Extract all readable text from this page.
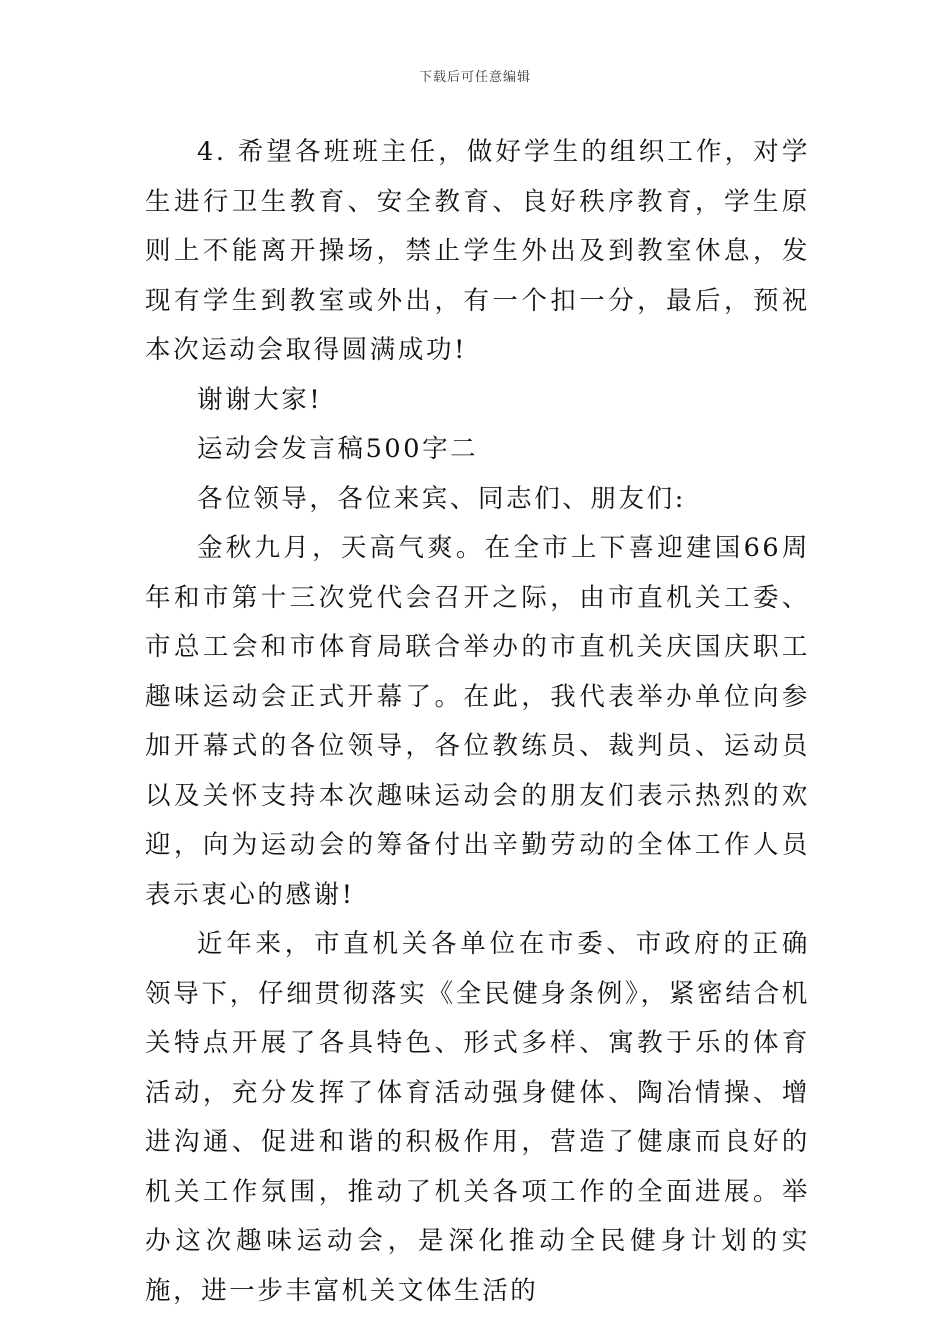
下载后可任意编辑

4. 希望各班班主任，做好学生的组织工作，对学生进行卫生教育、安全教育、良好秩序教育，学生原则上不能离开操场，禁止学生外出及到教室休息，发现有学生到教室或外出，有一个扣一分，最后，预祝本次运动会取得圆满成功!

谢谢大家!

运动会发言稿500字二

各位领导，各位来宾、同志们、朋友们:

金秋九月，天高气爽。在全市上下喜迎建国66周年和市第十三次党代会召开之际，由市直机关工委、市总工会和市体育局联合举办的市直机关庆国庆职工趣味运动会正式开幕了。在此，我代表举办单位向参加开幕式的各位领导，各位教练员、裁判员、运动员以及关怀支持本次趣味运动会的朋友们表示热烈的欢迎，向为运动会的筹备付出辛勤劳动的全体工作人员表示衷心的感谢!

近年来，市直机关各单位在市委、市政府的正确领导下，仔细贯彻落实《全民健身条例》，紧密结合机关特点开展了各具特色、形式多样、寓教于乐的体育活动，充分发挥了体育活动强身健体、陶冶情操、增进沟通、促进和谐的积极作用，营造了健康而良好的机关工作氛围，推动了机关各项工作的全面进展。举办这次趣味运动会，是深化推动全民健身计划的实施，进一步丰富机关文体生活的
